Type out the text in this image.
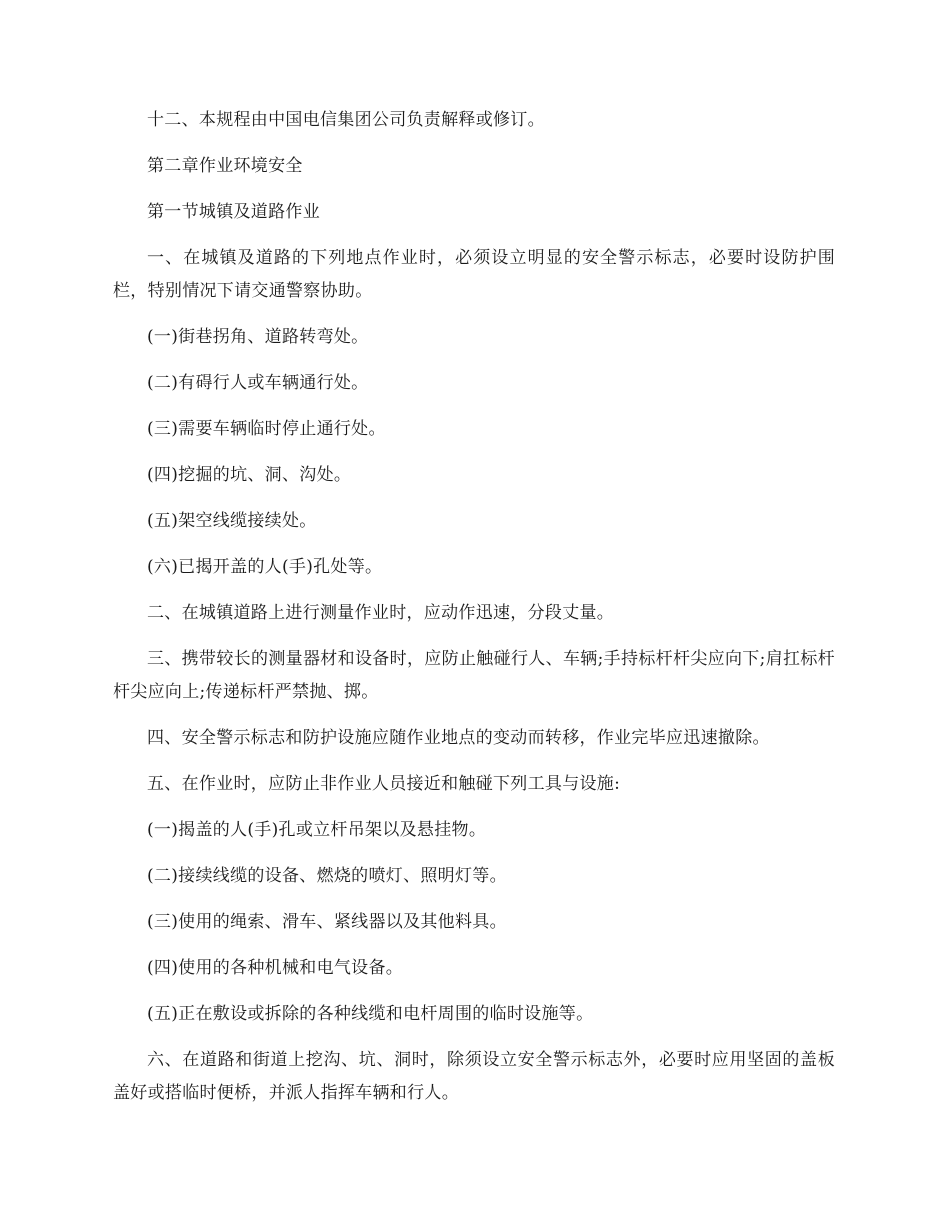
十二、本规程由中国电信集团公司负责解释或修订。

第二章作业环境安全

第一节城镇及道路作业

一、在城镇及道路的下列地点作业时，必须设立明显的安全警示标志，必要时设防护围栏，特别情况下请交通警察协助。

(一)街巷拐角、道路转弯处。

(二)有碍行人或车辆通行处。

(三)需要车辆临时停止通行处。

(四)挖掘的坑、洞、沟处。

(五)架空线缆接续处。

(六)已揭开盖的人(手)孔处等。

二、在城镇道路上进行测量作业时，应动作迅速，分段丈量。

三、携带较长的测量器材和设备时，应防止触碰行人、车辆;手持标杆杆尖应向下;肩扛标杆杆尖应向上;传递标杆严禁抛、掷。

四、安全警示标志和防护设施应随作业地点的变动而转移，作业完毕应迅速撤除。

五、在作业时，应防止非作业人员接近和触碰下列工具与设施:

(一)揭盖的人(手)孔或立杆吊架以及悬挂物。

(二)接续线缆的设备、燃烧的喷灯、照明灯等。

(三)使用的绳索、滑车、紧线器以及其他料具。

(四)使用的各种机械和电气设备。

(五)正在敷设或拆除的各种线缆和电杆周围的临时设施等。

六、在道路和街道上挖沟、坑、洞时，除须设立安全警示标志外，必要时应用坚固的盖板盖好或搭临时便桥，并派人指挥车辆和行人。
